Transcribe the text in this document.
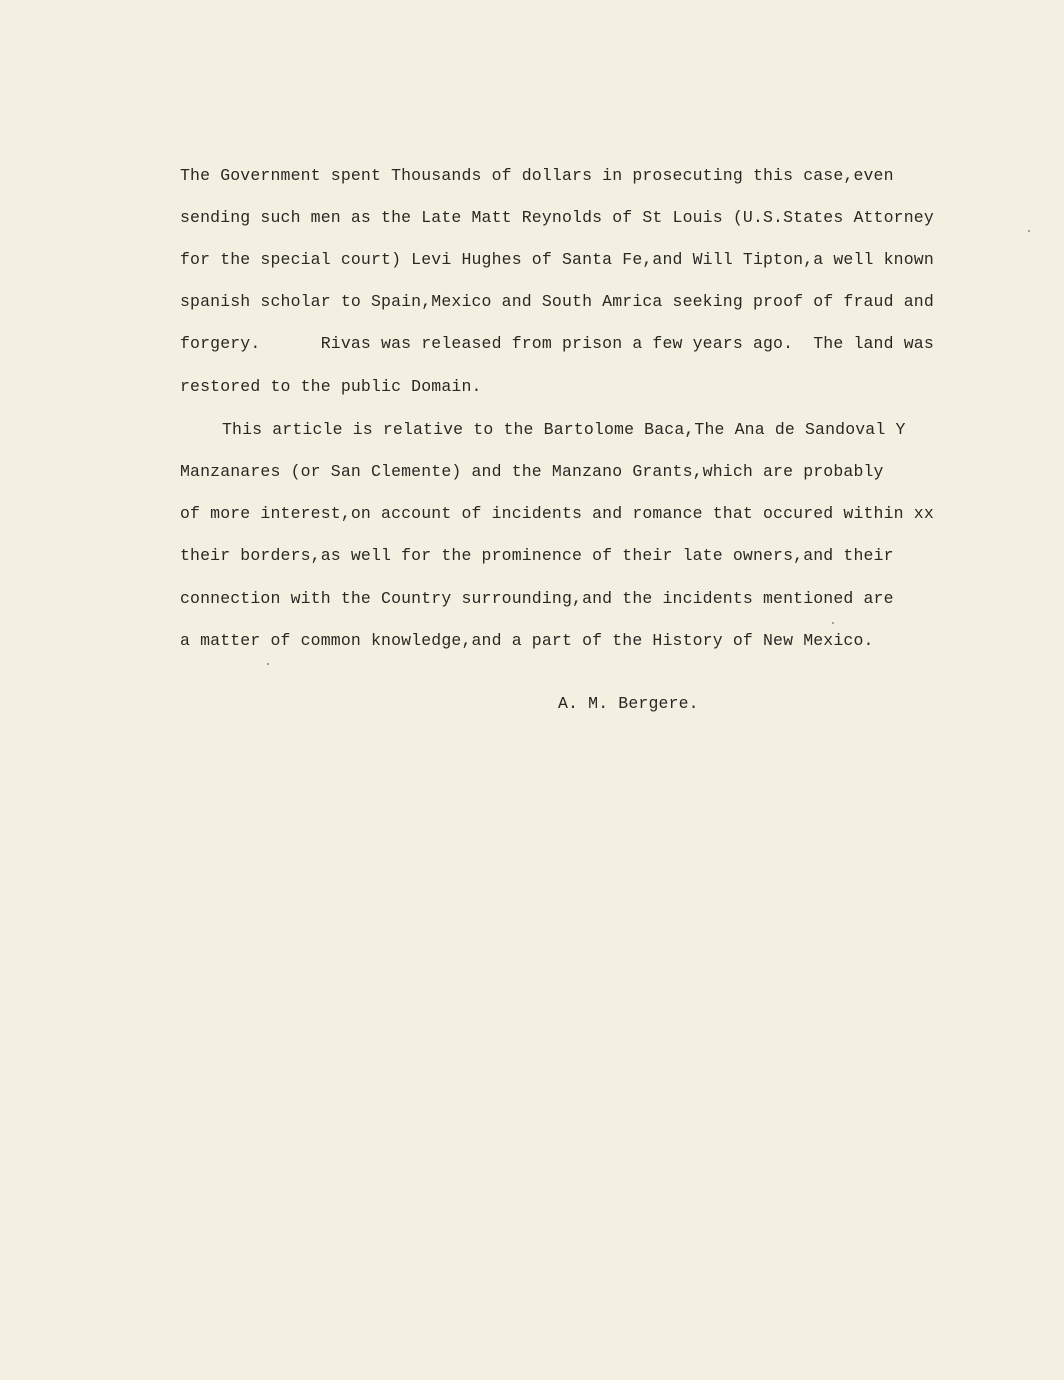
The Government spent Thousands of dollars in prosecuting this case,even
sending such men as the Late Matt Reynolds of St Louis (U.S.States Attorney
for the special court) Levi Hughes of Santa Fe,and Will Tipton,a well known
spanish scholar to Spain,Mexico and South Amrica seeking proof of fraud and
forgery.      Rivas was released from prison a few years ago.  The land was
restored to the public Domain.
This article is relative to the Bartolome Baca,The Ana de Sandoval Y
Manzanares (or San Clemente) and the Manzano Grants,which are probably
of more interest,on account of incidents and romance that occured within xx
their borders,as well for the prominence of their late owners,and their
connection with the Country surrounding,and the incidents mentioned are
a matter of common knowledge,and a part of the History of New Mexico.
A. M. Bergere.
